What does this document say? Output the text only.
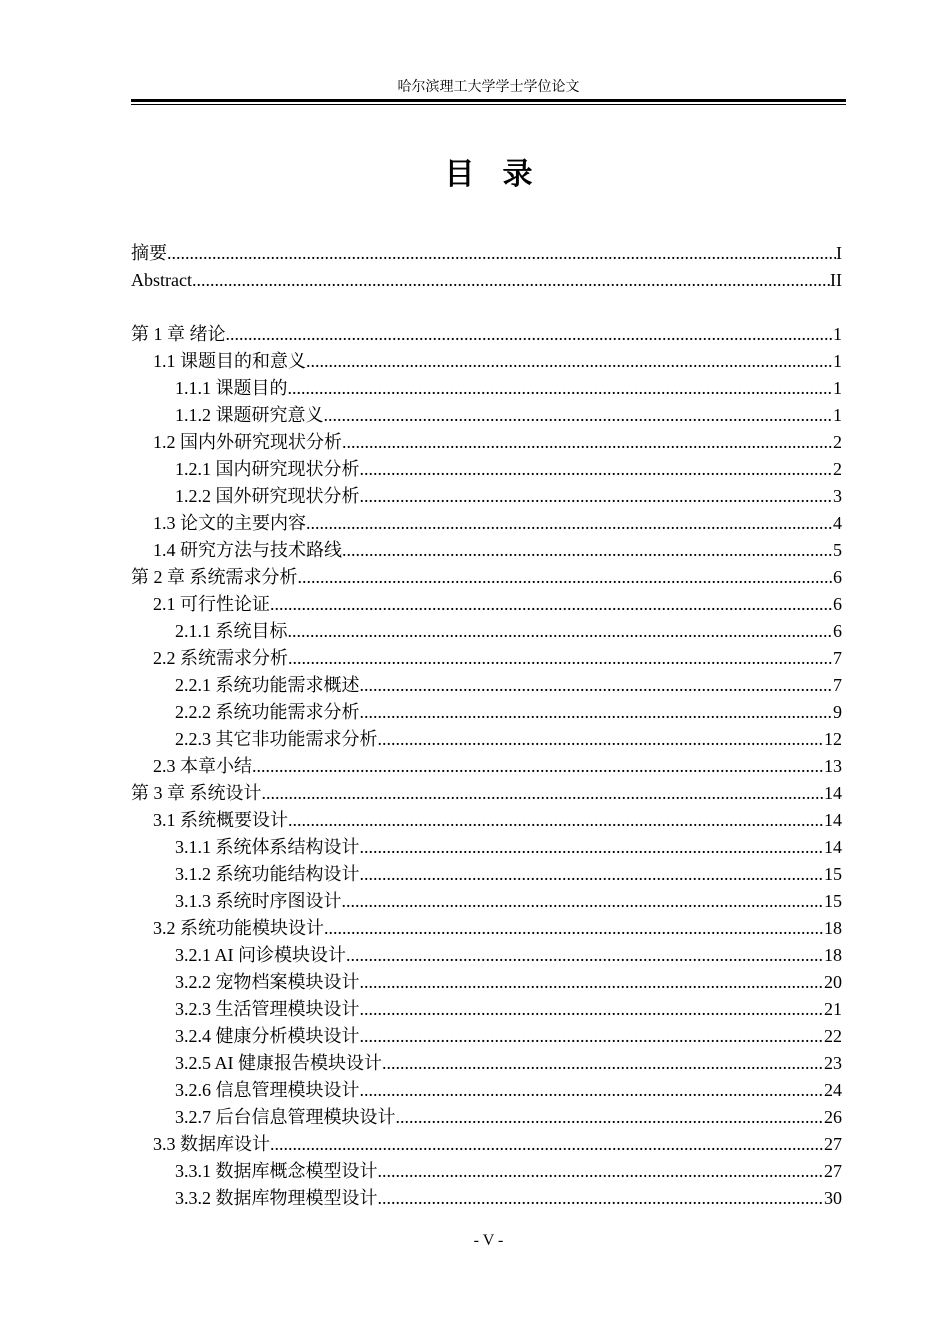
哈尔滨理工大学学士学位论文
目录
摘要 .....	I
Abstract .....	II
第 1 章 绪论 .....	1
1.1 课题目的和意义 .....	1
1.1.1 课题目的 .....	1
1.1.2 课题研究意义 .....	1
1.2 国内外研究现状分析 .....	2
1.2.1 国内研究现状分析 .....	2
1.2.2 国外研究现状分析 .....	3
1.3 论文的主要内容 .....	4
1.4 研究方法与技术路线 .....	5
第 2 章 系统需求分析 .....	6
2.1 可行性论证 .....	6
2.1.1 系统目标 .....	6
2.2 系统需求分析 .....	7
2.2.1 系统功能需求概述 .....	7
2.2.2 系统功能需求分析 .....	9
2.2.3 其它非功能需求分析 .....	12
2.3 本章小结 .....	13
第 3 章 系统设计 .....	14
3.1 系统概要设计 .....	14
3.1.1 系统体系结构设计 .....	14
3.1.2 系统功能结构设计 .....	15
3.1.3 系统时序图设计 .....	15
3.2 系统功能模块设计 .....	18
3.2.1 AI 问诊模块设计 .....	18
3.2.2 宠物档案模块设计 .....	20
3.2.3 生活管理模块设计 .....	21
3.2.4 健康分析模块设计 .....	22
3.2.5 AI 健康报告模块设计 .....	23
3.2.6 信息管理模块设计 .....	24
3.2.7 后台信息管理模块设计 .....	26
3.3 数据库设计 .....	27
3.3.1 数据库概念模型设计 .....	27
3.3.2 数据库物理模型设计 .....	30
- V -
